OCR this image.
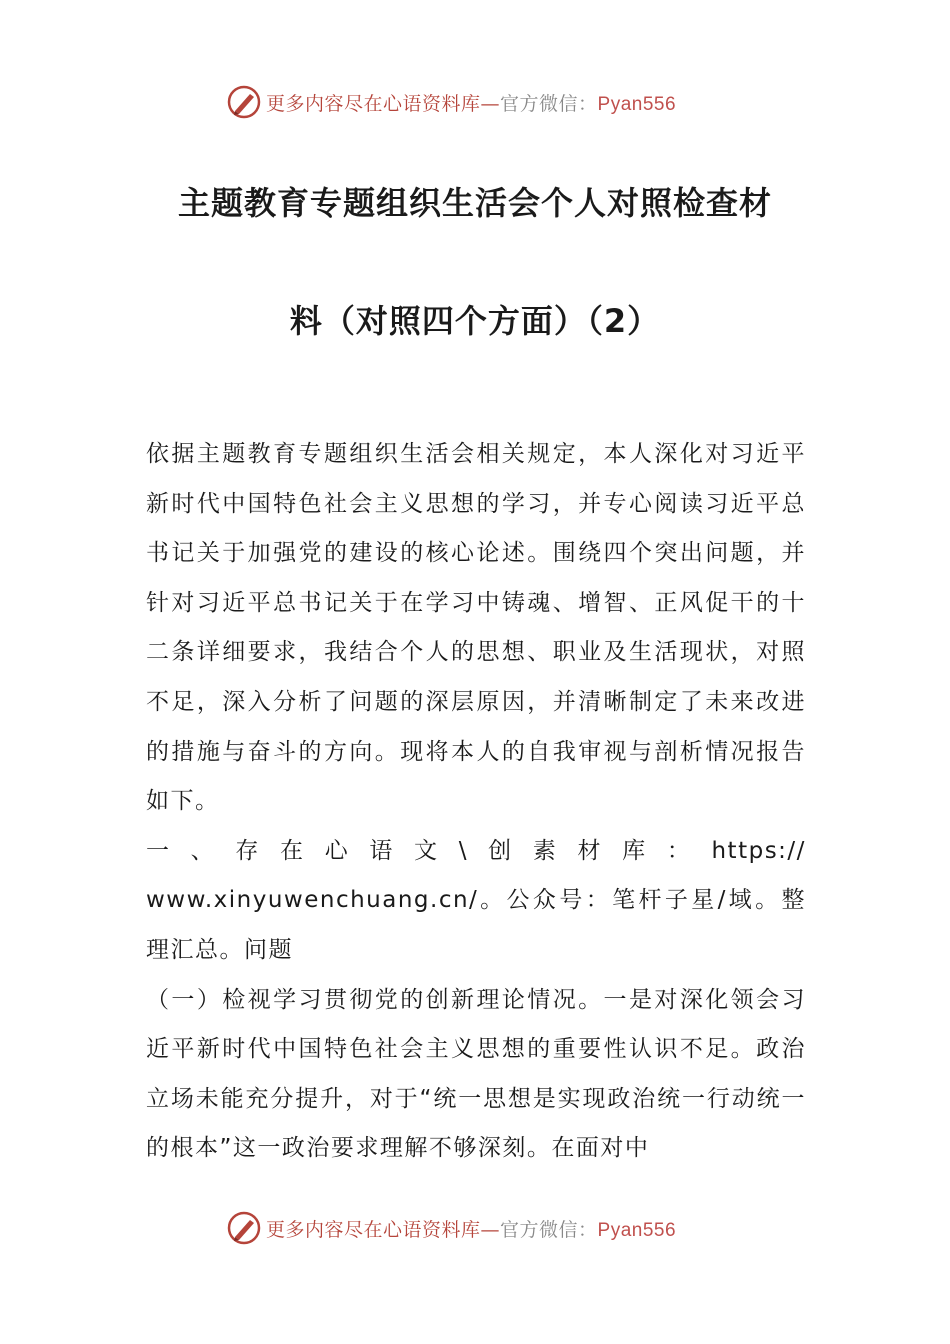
更多内容尽在心语资料库—官方微信：Pyan556
主题教育专题组织生活会个人对照检查材
料（对照四个方面）（2）

依据主题教育专题组织生活会相关规定，本人深化对习近平新时代中国特色社会主义思想的学习，并专心阅读习近平总书记关于加强党的建设的核心论述。围绕四个突出问题，并针对习近平总书记关于在学习中铸魂、增智、正风促干的十二条详细要求，我结合个人的思想、职业及生活现状，对照不足，深入分析了问题的深层原因，并清晰制定了未来改进的措施与奋斗的方向。现将本人的自我审视与剖析情况报告如下。

一 、 存 在 心 语 文 \ 创 素 材 库 ： https://

www.xinyuwenchuang.cn/。公众号：笔杆子星/域。整理汇总。问题

（一）检视学习贯彻党的创新理论情况。一是对深化领会习近平新时代中国特色社会主义思想的重要性认识不足。政治立场未能充分提升，对于“统一思想是实现政治统一行动统一的根本”这一政治要求理解不够深刻。在面对中

更多内容尽在心语资料库—官方微信：Pyan556
